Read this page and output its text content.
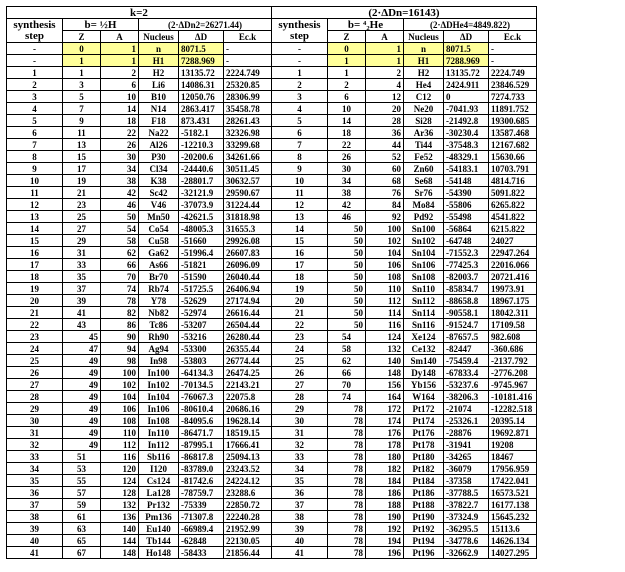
k=2						(2·ΔDn=16143)					
synthesis step	b= ½H		(2·ΔDn2=26271.44)			synthesis step	b= ⁴₂He		(2·ΔDHe4=4849.822)		
	Z	A	Nucleus	ΔD	Ec.k		Z	A	Nucleus	ΔD	Ec.k
-	0	1	n	8071.5	-	-	0	1	n	8071.5	-
-	1	1	H1	7288.969	-	-	1	1	H1	7288.969	-
1	1	2	H2	13135.72	2224.749	1	1	2	H2	13135.72	2224.749
2	3	6	Li6	14086.31	25320.85	2	2	4	He4	2424.911	23846.529
3	5	10	B10	12050.76	28306.99	3	6	12	C12	0	7274.733
4	7	14	N14	2863.417	35458.78	4	10	20	Ne20	-7041.93	11891.752
5	9	18	F18	873.431	28261.43	5	14	28	Si28	-21492.8	19300.685
6	11	22	Na22	-5182.1	32326.98	6	18	36	Ar36	-30230.4	13587.468
7	13	26	Al26	-12210.3	33299.68	7	22	44	Ti44	-37548.3	12167.682
8	15	30	P30	-20200.6	34261.66	8	26	52	Fe52	-48329.1	15630.66
9	17	34	Cl34	-24440.6	30511.45	9	30	60	Zn60	-54183.1	10703.791
10	19	38	K38	-28801.7	30632.57	10	34	68	Se68	-54148	4814.716
11	21	42	Sc42	-32121.9	29590.67	11	38	76	Sr76	-54390	5091.822
12	23	46	V46	-37073.9	31224.44	12	42	84	Mo84	-55806	6265.822
13	25	50	Mn50	-42621.5	31818.98	13	46	92	Pd92	-55498	4541.822
14	27	54	Co54	-48005.3	31655.3	14	50	100	Sn100	-56864	6215.822
15	29	58	Cu58	-51660	29926.08	15	50	102	Sn102	-64748	24027
16	31	62	Ga62	-51996.4	26607.83	16	50	104	Sn104	-71552.3	22947.264
17	33	66	As66	-51821	26096.09	17	50	106	Sn106	-77425.3	22016.066
18	35	70	Br70	-51590	26040.44	18	50	108	Sn108	-82003.7	20721.416
19	37	74	Rb74	-51725.5	26406.94	19	50	110	Sn110	-85834.7	19973.91
20	39	78	Y78	-52629	27174.94	20	50	112	Sn112	-88658.8	18967.175
21	41	82	Nb82	-52974	26616.44	21	50	114	Sn114	-90558.1	18042.311
22	43	86	Tc86	-53207	26504.44	22	50	116	Sn116	-91524.7	17109.58
23	45	90	Rh90	-53216	26280.44	23	54	124	Xe124	-87657.5	982.608
24	47	94	Ag94	-53300	26355.44	24	58	132	Ce132	-82447	-360.686
25	49	98	In98	-53803	26774.44	25	62	140	Sm140	-75459.4	-2137.792
26	49	100	In100	-64134.3	26474.25	26	66	148	Dy148	-67833.4	-2776.208
27	49	102	In102	-70134.5	22143.21	27	70	156	Yb156	-53237.6	-9745.967
28	49	104	In104	-76067.3	22075.8	28	74	164	W164	-38206.3	-10181.416
29	49	106	In106	-80610.4	20686.16	29	78	172	Pt172	-21074	-12282.518
30	49	108	In108	-84095.6	19628.14	30	78	174	Pt174	-25326.1	20395.14
31	49	110	In110	-86471.7	18519.15	31	78	176	Pt176	-28876	19692.871
32	49	112	In112	-87995.1	17666.41	32	78	178	Pt178	-31941	19208
33	51	116	Sb116	-86817.8	25094.13	33	78	180	Pt180	-34265	18467
34	53	120	I120	-83789.0	23243.52	34	78	182	Pt182	-36079	17956.959
35	55	124	Cs124	-81742.6	24224.12	35	78	184	Pt184	-37358	17422.041
36	57	128	La128	-78759.7	23288.6	36	78	186	Pt186	-37788.5	16573.521
37	59	132	Pr132	-75339	22850.72	37	78	188	Pt188	-37822.7	16177.138
38	61	136	Pm136	-71307.8	22240.28	38	78	190	Pt190	-37324.9	15645.232
39	63	140	Eu140	-66989.4	21952.99	39	78	192	Pt192	-36295.5	15113.6
40	65	144	Tb144	-62848	22130.05	40	78	194	Pt194	-34778.6	14626.134
41	67	148	Ho148	-58433	21856.44	41	78	196	Pt196	-32662.9	14027.295
